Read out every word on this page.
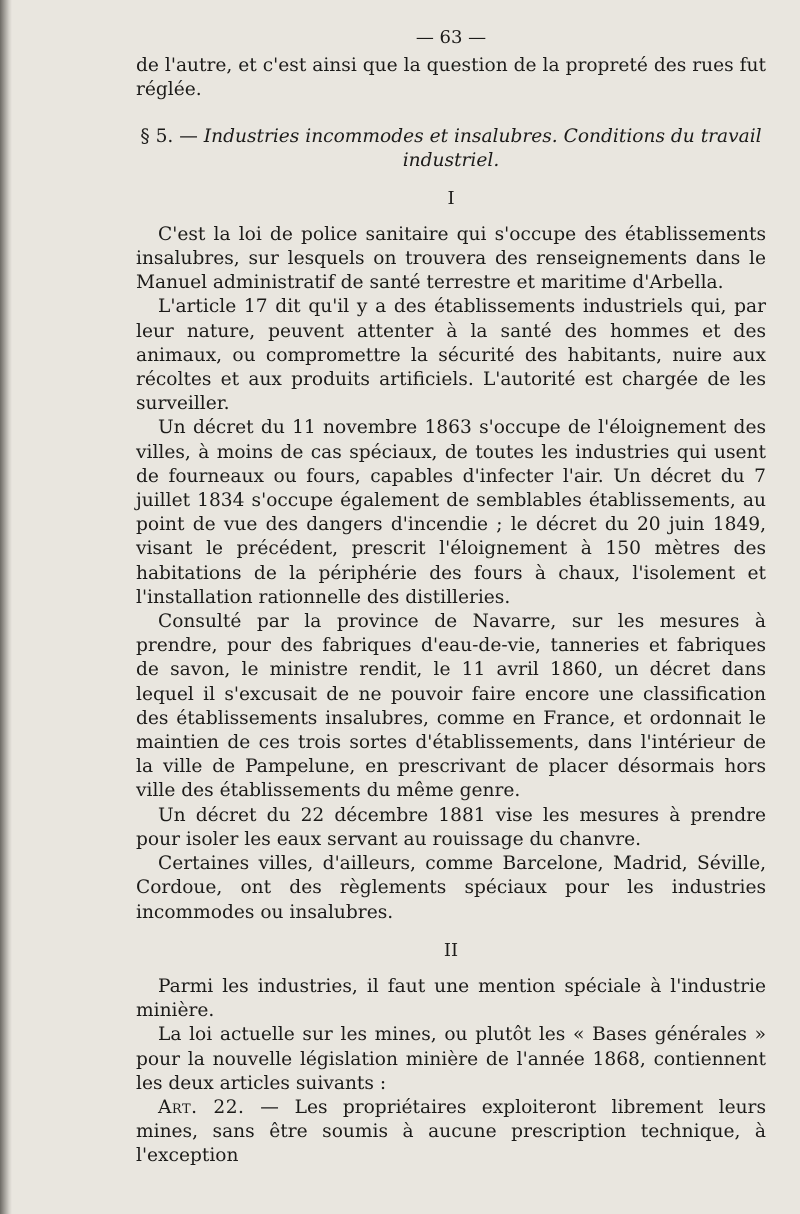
— 63 —

de l'autre, et c'est ainsi que la question de la propreté des rues fut réglée.

§ 5. — Industries incommodes et insalubres. Conditions du travail industriel.
I

C'est la loi de police sanitaire qui s'occupe des établissements insalubres, sur lesquels on trouvera des renseignements dans le Manuel administratif de santé terrestre et maritime d'Arbella.

L'article 17 dit qu'il y a des établissements industriels qui, par leur nature, peuvent attenter à la santé des hommes et des animaux, ou compromettre la sécurité des habitants, nuire aux récoltes et aux produits artificiels. L'autorité est chargée de les surveiller.

Un décret du 11 novembre 1863 s'occupe de l'éloignement des villes, à moins de cas spéciaux, de toutes les industries qui usent de fourneaux ou fours, capables d'infecter l'air. Un décret du 7 juillet 1834 s'occupe également de semblables établissements, au point de vue des dangers d'incendie ; le décret du 20 juin 1849, visant le précédent, prescrit l'éloignement à 150 mètres des habitations de la périphérie des fours à chaux, l'isolement et l'installation rationnelle des distilleries.

Consulté par la province de Navarre, sur les mesures à prendre, pour des fabriques d'eau-de-vie, tanneries et fabriques de savon, le ministre rendit, le 11 avril 1860, un décret dans lequel il s'excusait de ne pouvoir faire encore une classification des établissements insalubres, comme en France, et ordonnait le maintien de ces trois sortes d'établissements, dans l'intérieur de la ville de Pampelune, en prescrivant de placer désormais hors ville des établissements du même genre.

Un décret du 22 décembre 1881 vise les mesures à prendre pour isoler les eaux servant au rouissage du chanvre.

Certaines villes, d'ailleurs, comme Barcelone, Madrid, Séville, Cordoue, ont des règlements spéciaux pour les industries incommodes ou insalubres.

II

Parmi les industries, il faut une mention spéciale à l'industrie minière.

La loi actuelle sur les mines, ou plutôt les « Bases générales » pour la nouvelle législation minière de l'année 1868, contiennent les deux articles suivants :

Art. 22. — Les propriétaires exploiteront librement leurs mines, sans être soumis à aucune prescription technique, à l'exception
